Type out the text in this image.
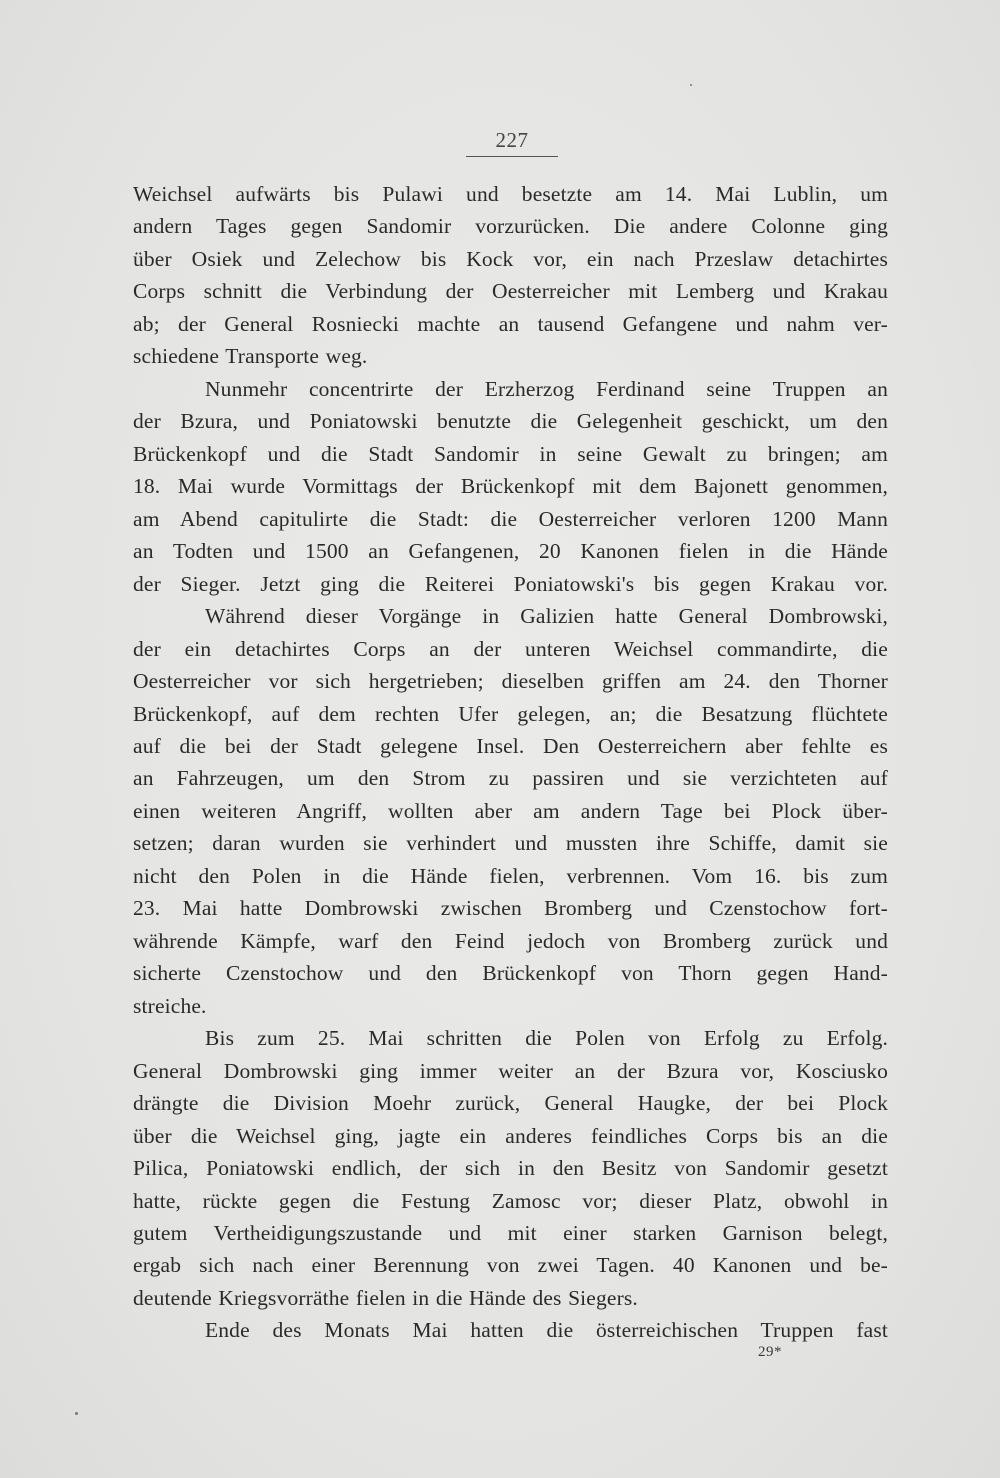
227
Weichsel aufwärts bis Pulawi und besetzte am 14. Mai Lublin, um
andern Tages gegen Sandomir vorzurücken. Die andere Colonne ging
über Osiek und Zelechow bis Kock vor, ein nach Przeslaw detachirtes
Corps schnitt die Verbindung der Oesterreicher mit Lemberg und Krakau
ab; der General Rosniecki machte an tausend Gefangene und nahm ver-
schiedene Transporte weg.
Nunmehr concentrirte der Erzherzog Ferdinand seine Truppen an
der Bzura, und Poniatowski benutzte die Gelegenheit geschickt, um den
Brückenkopf und die Stadt Sandomir in seine Gewalt zu bringen; am
18. Mai wurde Vormittags der Brückenkopf mit dem Bajonett genommen,
am Abend capitulirte die Stadt: die Oesterreicher verloren 1200 Mann
an Todten und 1500 an Gefangenen, 20 Kanonen fielen in die Hände
der Sieger. Jetzt ging die Reiterei Poniatowski's bis gegen Krakau vor.
Während dieser Vorgänge in Galizien hatte General Dombrowski,
der ein detachirtes Corps an der unteren Weichsel commandirte, die
Oesterreicher vor sich hergetrieben; dieselben griffen am 24. den Thorner
Brückenkopf, auf dem rechten Ufer gelegen, an; die Besatzung flüchtete
auf die bei der Stadt gelegene Insel. Den Oesterreichern aber fehlte es
an Fahrzeugen, um den Strom zu passiren und sie verzichteten auf
einen weiteren Angriff, wollten aber am andern Tage bei Plock über-
setzen; daran wurden sie verhindert und mussten ihre Schiffe, damit sie
nicht den Polen in die Hände fielen, verbrennen. Vom 16. bis zum
23. Mai hatte Dombrowski zwischen Bromberg und Czenstochow fort-
währende Kämpfe, warf den Feind jedoch von Bromberg zurück und
sicherte Czenstochow und den Brückenkopf von Thorn gegen Hand-
streiche.
Bis zum 25. Mai schritten die Polen von Erfolg zu Erfolg.
General Dombrowski ging immer weiter an der Bzura vor, Kosciusko
drängte die Division Moehr zurück, General Haugke, der bei Plock
über die Weichsel ging, jagte ein anderes feindliches Corps bis an die
Pilica, Poniatowski endlich, der sich in den Besitz von Sandomir gesetzt
hatte, rückte gegen die Festung Zamosc vor; dieser Platz, obwohl in
gutem Vertheidigungszustande und mit einer starken Garnison belegt,
ergab sich nach einer Berennung von zwei Tagen. 40 Kanonen und be-
deutende Kriegsvorräthe fielen in die Hände des Siegers.
Ende des Monats Mai hatten die österreichischen Truppen fast
29*
